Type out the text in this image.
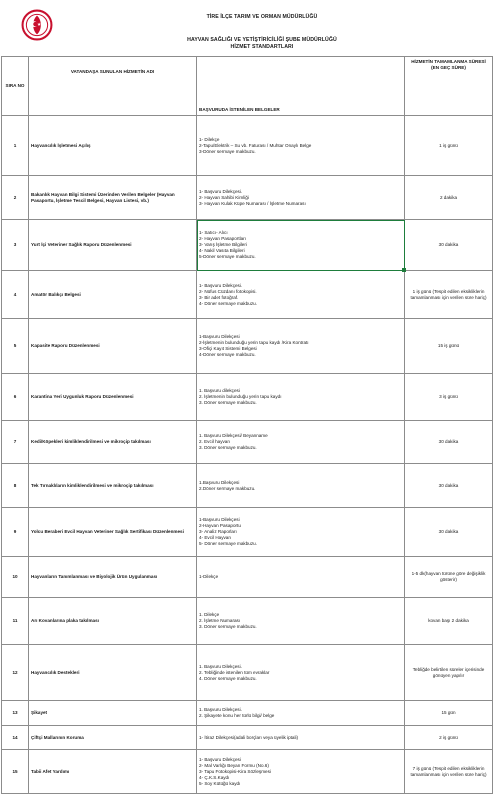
TİRE İLÇE TARIM VE ORMAN MÜDÜRLÜĞÜ
HAYVAN SAĞLIĞI VE YETİŞTİRİCİLİĞİ ŞUBE MÜDÜRLÜĞÜ
HİZMET STANDARTLARI
SIRA NO	VATANDAŞA SUNULAN HİZMETİN ADI	BAŞVURUDA İSTENİLEN BELGELER	HİZMETİN TAMAMLANMA SÜRESİ (EN GEÇ SÜRE)
1	Hayvancılık İşletmesi Açılış	1- Dilekçe
2-Tapu/Elektrik – Su vb. Faturası / Muhtar Onaylı Belge
3-Döner sermaye makbuzu.	1 iş günü
2	Bakanlık Hayvan Bilgi Sistemi Üzerinden Verilen Belgeler (Hayvan Pasaportu, İşletme Tescil Belgesi, Hayvan Listesi, vb.)	1- Başvuru Dilekçesi.
2- Hayvan Sahibi Kimliği
3- Hayvan Kulak Küpe Numarası / İşletme Numarası	2 dakika
3	Yurt İçi Veteriner Sağlık Raporu Düzenlenmesi	1- Satıcı- Alıcı
2- Hayvan Pasaportları
3- Varış İşletme Bilgileri
4- Nakil Vasıta Bilgileri
5-Döner sermaye makbuzu.	30 dakika
4	Amatör Balıkçı Belgesi	1- Başvuru Dilekçesi.
2- Nüfus Cüzdanı fotokopisi.
3- Bir adet fotoğraf.
4- Döner sermaye makbuzu.	1 iş günü (Tespit edilen eksikliklerin tamamlanması için verilen süre hariç)
5	Kapasite Raporu Düzenlenmesi	1-Başvuru Dilekçesi
2-İşletmenin bulunduğu yerin tapu kaydı /Kira Kontratı
3-Ofiçi Kayıt Sistemi Belgesi
4-Döner sermaye makbuzu.	15 iş günü
6	Karantina Yeri Uygunluk Raporu Düzenlenmesi	1. Başvuru dilekçesi
2. İşletmenin bulunduğu yerin tapu kaydı
3. Döner sermaye makbuzu.	3 iş günü
7	Kedi/Köpekleri kimliklendirilmesi ve mikroçip takılması	1. Başvuru Dilekçesi/ Beyanname
2. Evcil hayvan
3. Döner sermaye makbuzu.	30 dakika
8	Tek Tırnaklıların kimliklendirilmesi ve mikroçip takılması	1.Başvuru Dilekçesi
2.Döner sermaye makbuzu.	30 dakika
9	Yolcu Beraberi Evcil Hayvan Veteriner Sağlık Sertifikası Düzenlenmesi	1-Başvuru Dilekçesi
2-Hayvan Pasaportu
3- Analiz Raporları
4- Evcil Hayvan
5- Döner sermaye makbuzu.	30 dakika
10	Hayvanların Tanımlanması ve Biyolojik Ürün Uygulanması	1-Dilekçe	1-5 dk(hayvan türüne göre değişiklik gösterir)
11	Arı Kovanlarına plaka takılması	1. Dilekçe
2. İşletme Numarası
3. Döner sermaye makbuzu.	kovan başı 2 dakika
12	Hayvancılık Destekleri	1. Başvuru Dilekçesi.
2. Tebliğinde istenilen tüm evraklar
4. Döner sermaye makbuzu.	Tebliğde belirtilen süreler içerisinde gönüyen yapılır
13	Şikayet	1. Başvuru Dilekçesi.
2. Şikayete konu her türlü bilgi/ belge	15 gün
14	Çiftçi Mallarının Koruma	1- İtiraz Dilekçesi(adali borçları veya üyelik iptali)	2 iş günü
15	Tabii Afet Yardımı	1- Başvuru Dilekçesi
2- Mal Varlığı Beyan Formu (No.6)
3- Tapu Fotokopisi-Kira Sözleşmesi
4- Ç.K.S.Kaydı
5- Soy Kütüğü kaydı	7 iş günü (Tespit edilen eksikliklerin tamamlanması için verilen süre hariç)
